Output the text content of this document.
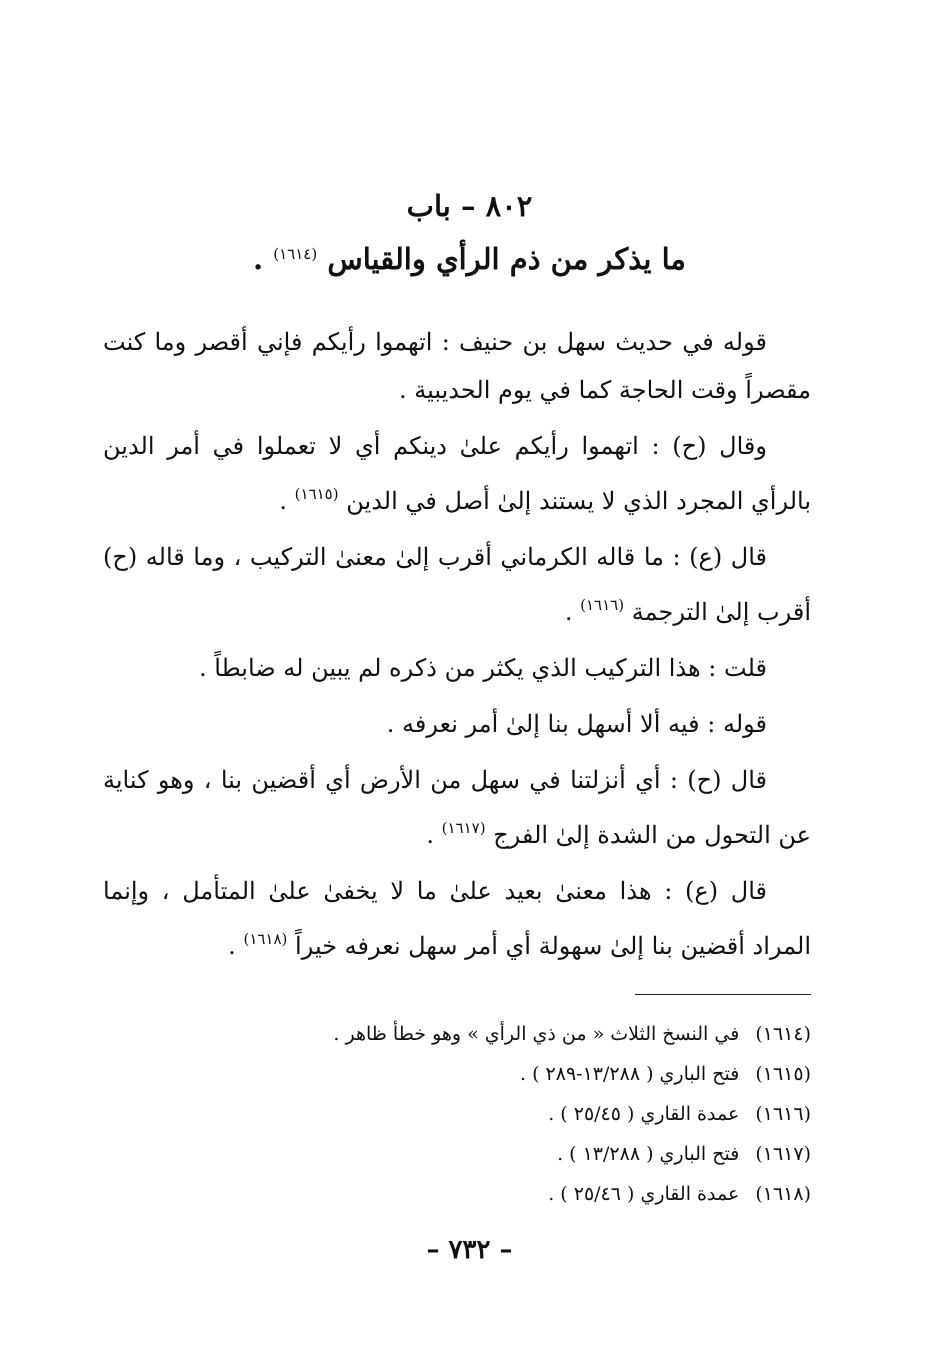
٨٠٢ – باب
ما يذكر من ذم الرأي والقياس $^{(١٦١٤)}$ .

قوله في حديث سهل بن حنيف : اتهموا رأيكم فإني أقصر وما كنت مقصراً وقت الحاجة كما في يوم الحديبية .

وقال (ح) : اتهموا رأيكم علىٰ دينكم أي لا تعملوا في أمر الدين بالرأي المجرد الذي لا يستند إلىٰ أصل في الدين $^{(١٦١٥)}$ .

قال (ع) : ما قاله الكرماني أقرب إلىٰ معنىٰ التركيب ، وما قاله (ح) أقرب إلىٰ الترجمة $^{(١٦١٦)}$ .

قلت : هذا التركيب الذي يكثر من ذكره لم يبين له ضابطاً .

قوله : فيه ألا أسهل بنا إلىٰ أمر نعرفه .

قال (ح) : أي أنزلتنا في سهل من الأرض أي أقضين بنا ، وهو كناية عن التحول من الشدة إلىٰ الفرج $^{(١٦١٧)}$ .

قال (ع) : هذا معنىٰ بعيد علىٰ ما لا يخفىٰ علىٰ المتأمل ، وإنما المراد أقضين بنا إلىٰ سهولة أي أمر سهل نعرفه خيراً $^{(١٦١٨)}$ .

(١٦١٤) في النسخ الثلاث « من ذي الرأي » وهو خطأ ظاهر .

(١٦١٥) فتح الباري ( ١٣/٢٨٨-٢٨٩ ) .

(١٦١٦) عمدة القاري ( ٢٥/٤٥ ) .

(١٦١٧) فتح الباري ( ١٣/٢٨٨ ) .

(١٦١٨) عمدة القاري ( ٢٥/٤٦ ) .

– ٧٣٢ –
